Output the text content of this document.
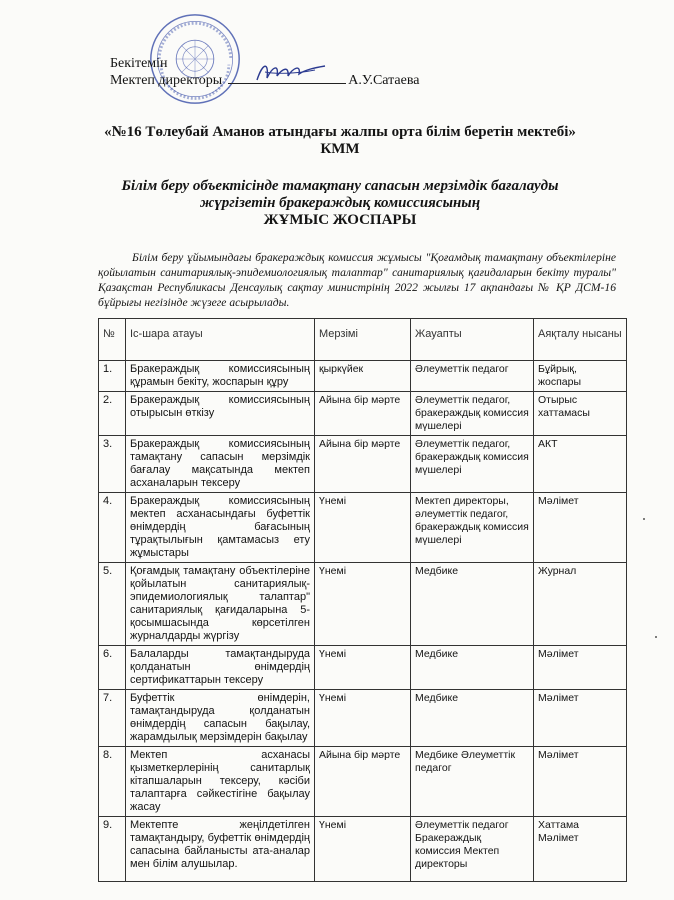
Бекітемін
Мектеп директоры	А.У.Сатаева
«№16 Төлеубай Аманов атындағы жалпы орта білім беретін мектебі»
КММ
Білім беру объектісінде тамақтану сапасын мерзімдік бағалауды
жүргізетін бракераждық комиссиясының
ЖҰМЫС ЖОСПАРЫ
Білім беру ұйымындағы бракераждық комиссия жұмысы "Қоғамдық тамақтану объектілеріне қойылатын санитариялық-эпидемиологиялық талаптар" санитариялық қағидаларын бекіту туралы" Қазақстан Республикасы Денсаулық сақтау министрінің 2022 жылғы 17 ақпандағы № ҚР ДСМ-16 бұйрығы негізінде жүзеге асырылады.
№	Іс-шара атауы	Мерзімі	Жауапты	Аяқталу нысаны
1.	Бракераждық комиссиясының құрамын бекіту, жоспарын құру	қыркүйек	Әлеуметтік педагог	Бұйрық, жоспары
2.	Бракераждық комиссиясының отырысын өткізу	Айына бір мәрте	Әлеуметтік педагог, бракераждық комиссия мүшелері	Отырыс хаттамасы
3.	Бракераждық комиссиясының тамақтану сапасын мерзімдік бағалау мақсатында мектеп асханаларын тексеру	Айына бір мәрте	Әлеуметтік педагог, бракераждық комиссия мүшелері	АКТ
4.	Бракераждық комиссиясының мектеп асханасындағы буфеттік өнімдердің бағасының тұрақтылығын қамтамасыз ету жұмыстары	Үнемі	Мектеп директоры, әлеуметтік педагог, бракераждық комиссия мүшелері	Мәлімет
5.	Қоғамдық тамақтану объектілеріне қойылатын санитариялық-эпидемиологиялық талаптар" санитариялық қағидаларына 5-қосымшасында көрсетілген журналдарды жүргізу	Үнемі	Медбике	Журнал
6.	Балаларды тамақтандыруда қолданатын өнімдердің сертификаттарын тексеру	Үнемі	Медбике	Мәлімет
7.	Буфеттік өнімдерін, тамақтандыруда қолданатын өнімдердің сапасын бақылау, жарамдылық мерзімдерін бақылау	Үнемі	Медбике	Мәлімет
8.	Мектеп асханасы қызметкерлерінің санитарлық кітапшаларын тексеру, кәсіби талаптарға сәйкестігіне бақылау жасау	Айына бір мәрте	Медбике Әлеуметтік педагог	Мәлімет
9.	Мектепте жеңілдетілген тамақтандыру, буфеттік өнімдердің сапасына байланысты ата-аналар мен білім алушылар.	Үнемі	Әлеуметтік педагог Бракераждық комиссия Мектеп директоры	Хаттама Мәлімет
